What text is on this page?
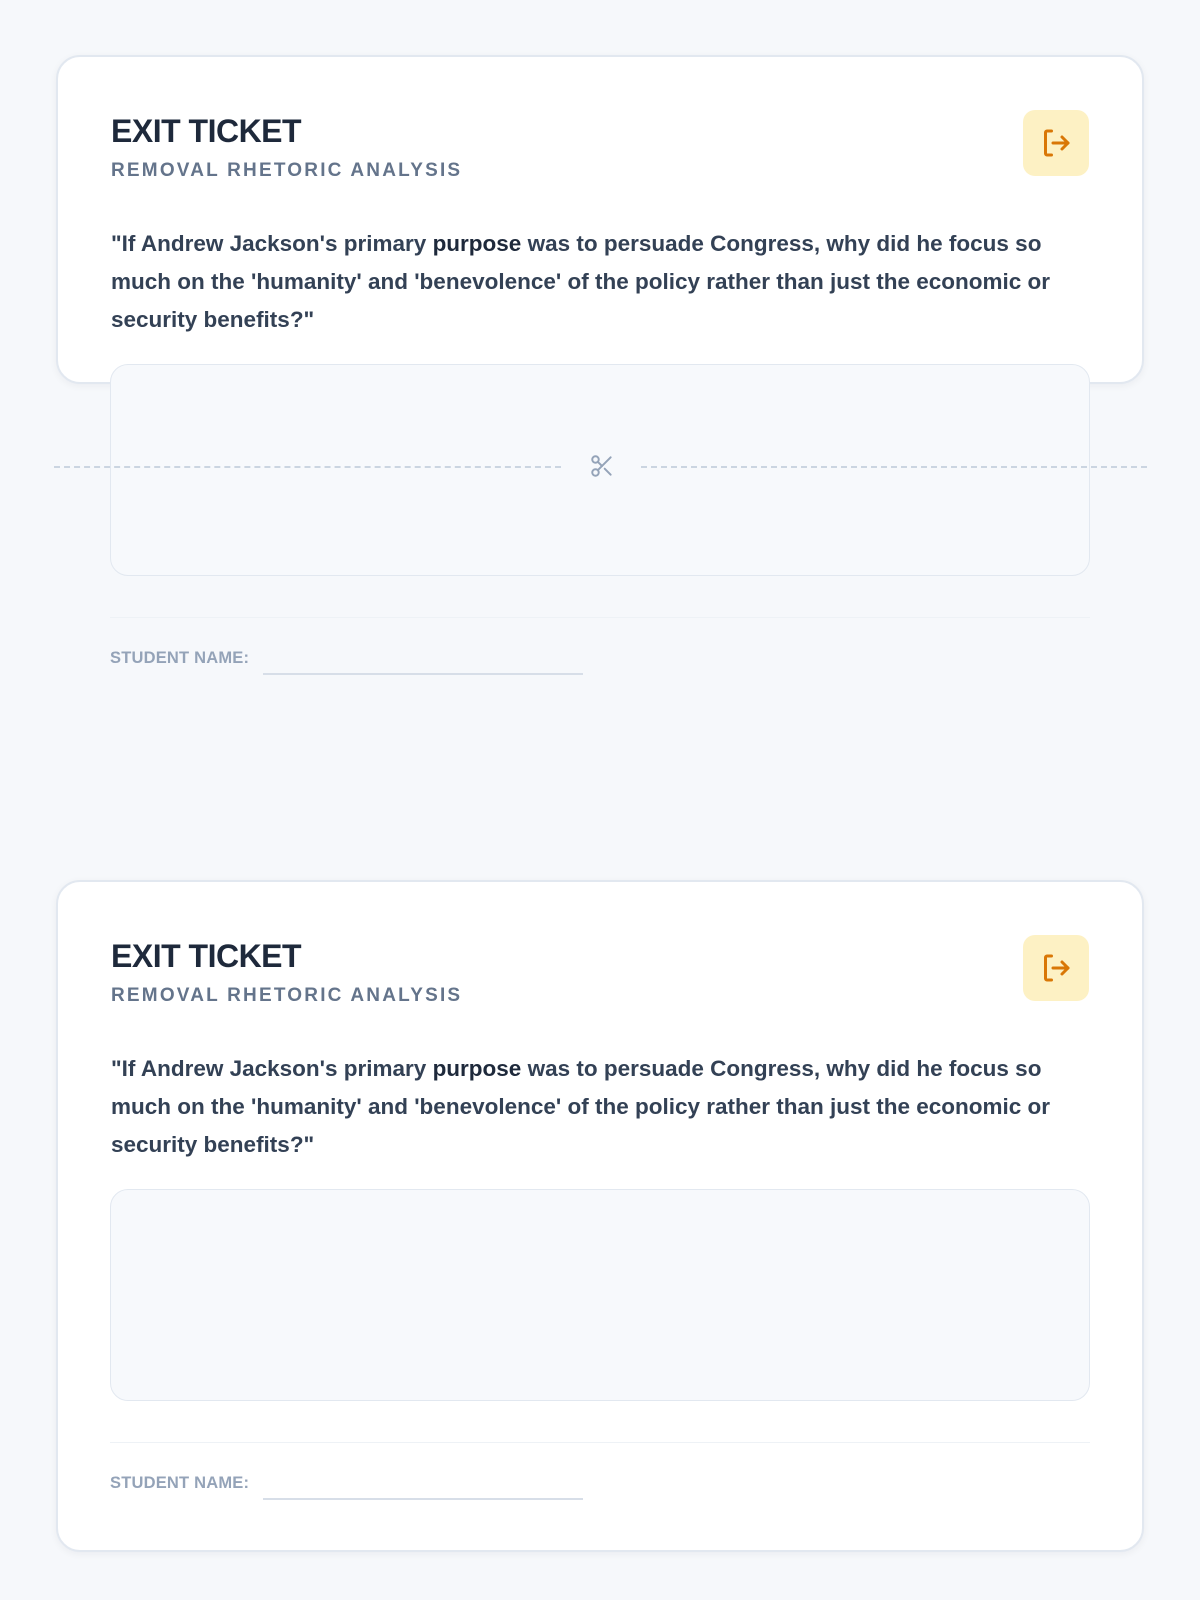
EXIT TICKET
REMOVAL RHETORIC ANALYSIS
"If Andrew Jackson's primary purpose was to persuade Congress, why did he focus so much on the 'humanity' and 'benevolence' of the policy rather than just the economic or security benefits?"
STUDENT NAME:
EXIT TICKET
REMOVAL RHETORIC ANALYSIS
"If Andrew Jackson's primary purpose was to persuade Congress, why did he focus so much on the 'humanity' and 'benevolence' of the policy rather than just the economic or security benefits?"
STUDENT NAME:
